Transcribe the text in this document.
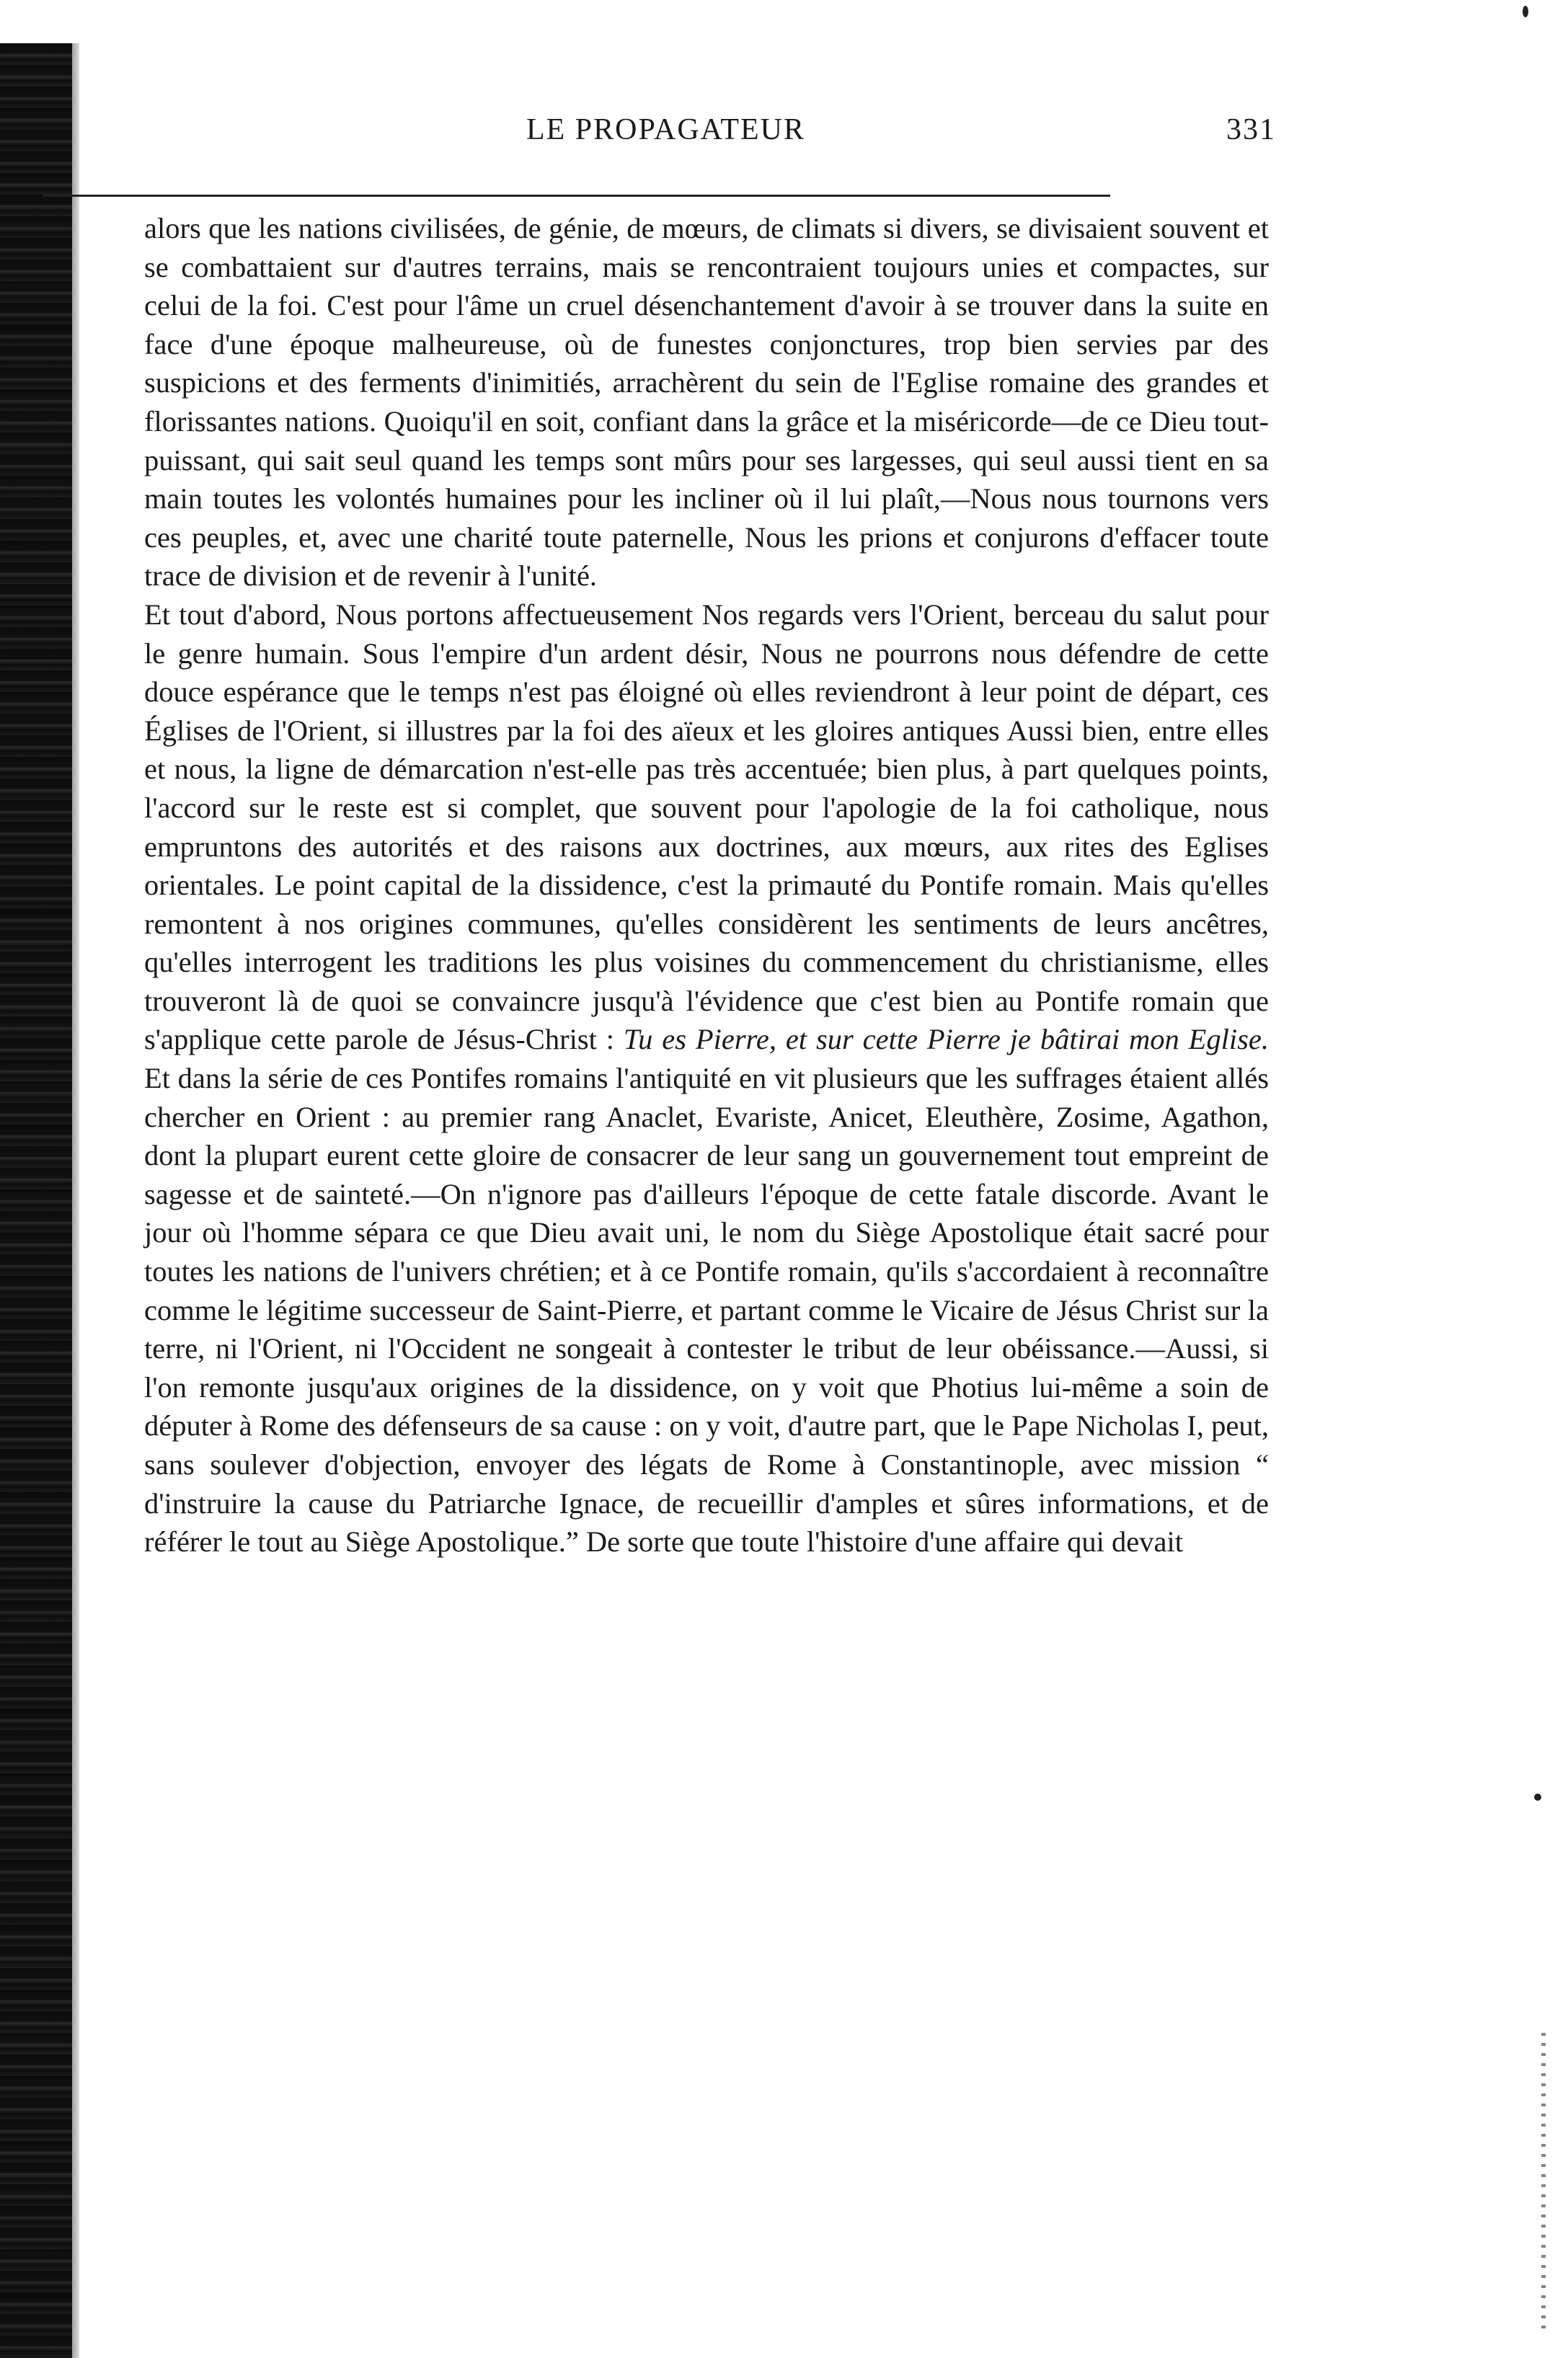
LE PROPAGATEUR	331

alors que les nations civilisées, de génie, de mœurs, de climats si divers, se divisaient souvent et se combattaient sur d'autres terrains, mais se rencontraient toujours unies et compactes, sur celui de la foi. C'est pour l'âme un cruel désenchantement d'avoir à se trouver dans la suite en face d'une époque malheureuse, où de funestes conjonctures, trop bien servies par des suspicions et des ferments d'inimitiés, arrachèrent du sein de l'Eglise romaine des grandes et florissantes nations. Quoiqu'il en soit, confiant dans la grâce et la miséricorde—de ce Dieu tout-puissant, qui sait seul quand les temps sont mûrs pour ses largesses, qui seul aussi tient en sa main toutes les volontés humaines pour les incliner où il lui plaît,—Nous nous tournons vers ces peuples, et, avec une charité toute paternelle, Nous les prions et conjurons d'effacer toute trace de division et de revenir à l'unité.

Et tout d'abord, Nous portons affectueusement Nos regards vers l'Orient, berceau du salut pour le genre humain. Sous l'empire d'un ardent désir, Nous ne pourrons nous défendre de cette douce espérance que le temps n'est pas éloigné où elles reviendront à leur point de départ, ces Églises de l'Orient, si illustres par la foi des aïeux et les gloires antiques Aussi bien, entre elles et nous, la ligne de démarcation n'est-elle pas très accentuée; bien plus, à part quelques points, l'accord sur le reste est si complet, que souvent pour l'apologie de la foi catholique, nous empruntons des autorités et des raisons aux doctrines, aux mœurs, aux rites des Eglises orientales. Le point capital de la dissidence, c'est la primauté du Pontife romain. Mais qu'elles remontent à nos origines communes, qu'elles considèrent les sentiments de leurs ancêtres, qu'elles interrogent les traditions les plus voisines du commencement du christianisme, elles trouveront là de quoi se convaincre jusqu'à l'évidence que c'est bien au Pontife romain que s'applique cette parole de Jésus-Christ : Tu es Pierre, et sur cette Pierre je bâtirai mon Eglise. Et dans la série de ces Pontifes romains l'antiquité en vit plusieurs que les suffrages étaient allés chercher en Orient : au premier rang Anaclet, Evariste, Anicet, Eleuthère, Zosime, Agathon, dont la plupart eurent cette gloire de consacrer de leur sang un gouvernement tout empreint de sagesse et de sainteté.—On n'ignore pas d'ailleurs l'époque de cette fatale discorde. Avant le jour où l'homme sépara ce que Dieu avait uni, le nom du Siège Apostolique était sacré pour toutes les nations de l'univers chrétien; et à ce Pontife romain, qu'ils s'accordaient à reconnaître comme le légitime successeur de Saint-Pierre, et partant comme le Vicaire de Jésus Christ sur la terre, ni l'Orient, ni l'Occident ne songeait à contester le tribut de leur obéissance.—Aussi, si l'on remonte jusqu'aux origines de la dissidence, on y voit que Photius lui-même a soin de députer à Rome des défenseurs de sa cause : on y voit, d'autre part, que le Pape Nicholas I, peut, sans soulever d'objection, envoyer des légats de Rome à Constantinople, avec mission “ d'instruire la cause du Patriarche Ignace, de recueillir d'amples et sûres informations, et de référer le tout au Siège Apostolique.” De sorte que toute l'histoire d'une affaire qui devait
